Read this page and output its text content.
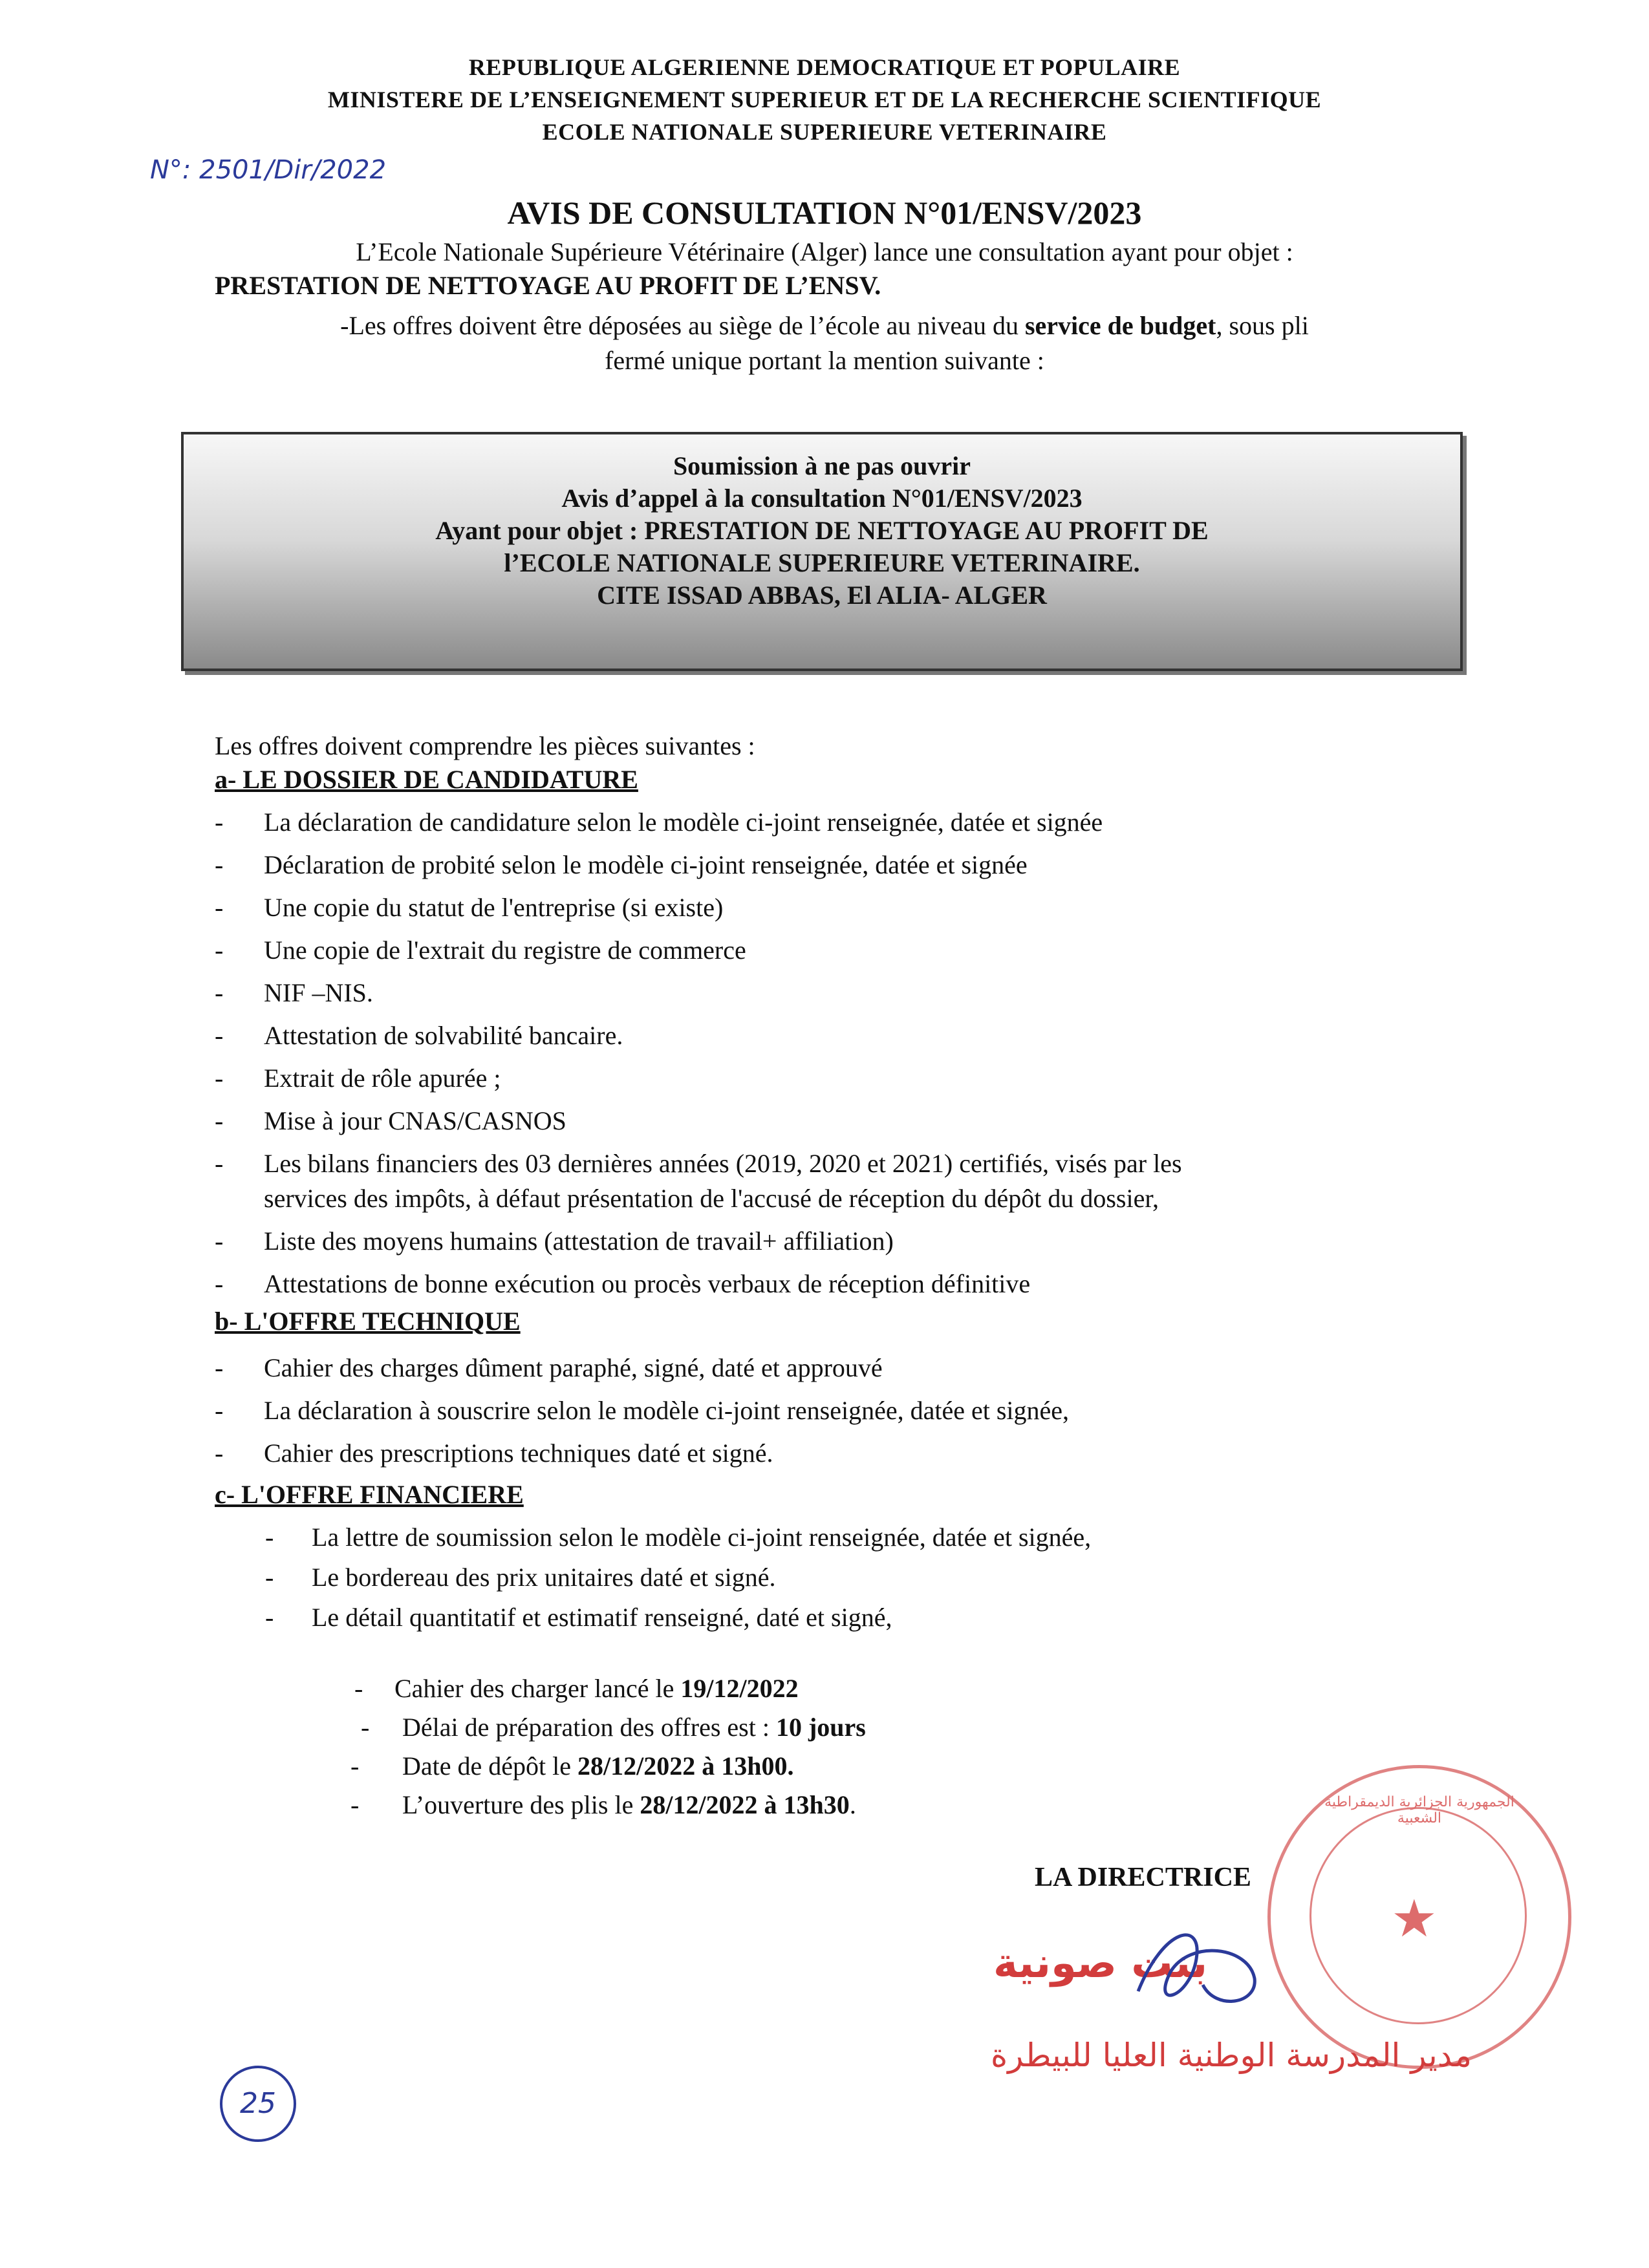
REPUBLIQUE ALGERIENNE DEMOCRATIQUE ET POPULAIRE
MINISTERE DE L’ENSEIGNEMENT SUPERIEUR ET DE LA RECHERCHE SCIENTIFIQUE
ECOLE NATIONALE SUPERIEURE VETERINAIRE
N°: 2501/Dir/2022
AVIS DE CONSULTATION N°01/ENSV/2023
L’Ecole Nationale Supérieure Vétérinaire (Alger) lance une consultation ayant pour objet :
PRESTATION DE NETTOYAGE AU PROFIT DE L’ENSV.
-Les offres doivent être déposées au siège de l’école au niveau du service de budget, sous pli
fermé unique portant la mention suivante :
Soumission à ne pas ouvrir
Avis d’appel à la consultation N°01/ENSV/2023
Ayant pour objet : PRESTATION DE NETTOYAGE AU PROFIT DE
l’ECOLE NATIONALE SUPERIEURE VETERINAIRE.
CITE ISSAD ABBAS, El ALIA- ALGER
Les offres doivent comprendre les pièces suivantes :
a- LE DOSSIER DE CANDIDATURE
- La déclaration de candidature selon le modèle ci-joint renseignée, datée et signée
- Déclaration de probité selon le modèle ci-joint renseignée, datée et signée
- Une copie du statut de l'entreprise (si existe)
- Une copie de l'extrait du registre de commerce
- NIF –NIS.
- Attestation de solvabilité bancaire.
- Extrait de rôle apurée ;
- Mise à jour CNAS/CASNOS
- Les bilans financiers des 03 dernières années (2019, 2020 et 2021) certifiés, visés par les
services des impôts, à défaut présentation de l'accusé de réception du dépôt du dossier,
- Liste des moyens humains (attestation de travail+ affiliation)
- Attestations de bonne exécution ou procès verbaux de réception définitive
b- L'OFFRE TECHNIQUE
- Cahier des charges dûment paraphé, signé, daté et approuvé
- La déclaration à souscrire selon le modèle ci-joint renseignée, datée et signée,
- Cahier des prescriptions techniques daté et signé.
c- L'OFFRE FINANCIERE
- La lettre de soumission selon le modèle ci-joint renseignée, datée et signée,
- Le bordereau des prix unitaires daté et signé.
- Le détail quantitatif et estimatif renseigné, daté et signé,
- Cahier des charger lancé le 19/12/2022
- Délai de préparation des offres est : 10 jours
- Date de dépôt le 28/12/2022 à 13h00.
- L’ouverture des plis le 28/12/2022 à 13h30.	الجمهورية الجزائرية الديمقراطية الشعبية
★
LA DIRECTRICE
بنت صونية
مدير المدرسة الوطنية العليا للبيطرة
25
